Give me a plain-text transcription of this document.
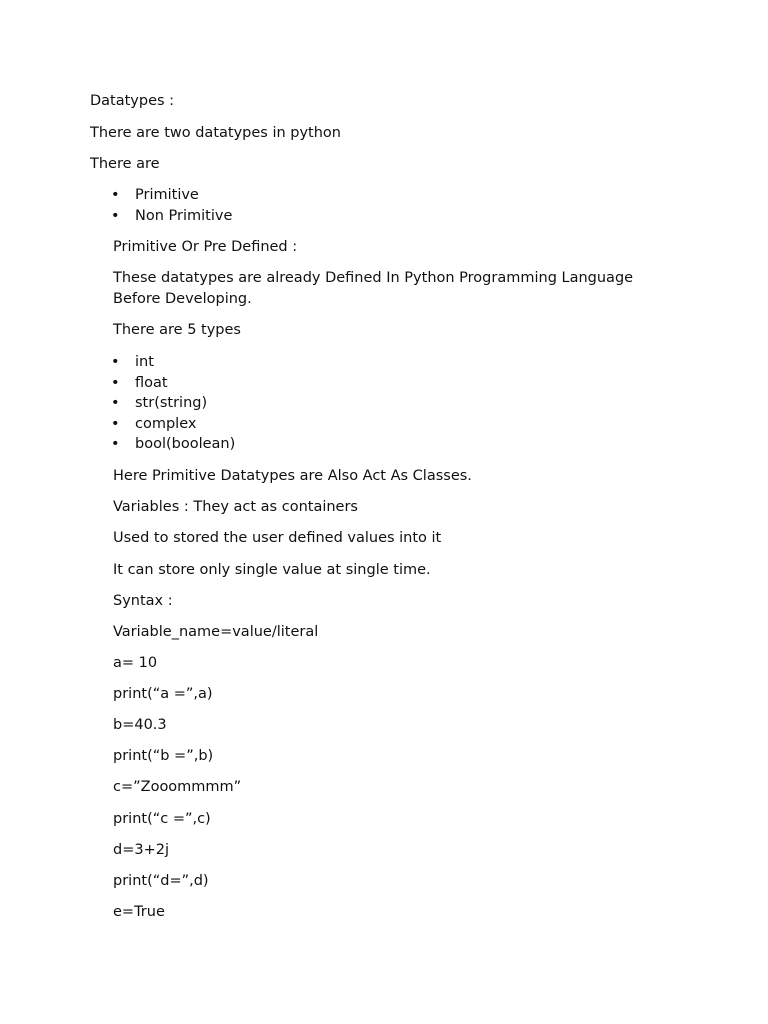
Datatypes :

There are two datatypes in python

There are

• Primitive
• Non Primitive

Primitive Or Pre Defined :

These datatypes are already Defined In Python Programming Language Before Developing.

There are 5 types

• int
• float
• str(string)
• complex
• bool(boolean)

Here Primitive Datatypes are Also Act As Classes.

Variables : They act as containers

Used to stored the user defined values into it

It can store only single value at single time.

Syntax :

Variable_name=value/literal

a= 10

print(“a =”,a)

b=40.3

print(“b =”,b)

c=”Zooommmm”

print(“c =”,c)

d=3+2j

print(“d=”,d)

e=True
